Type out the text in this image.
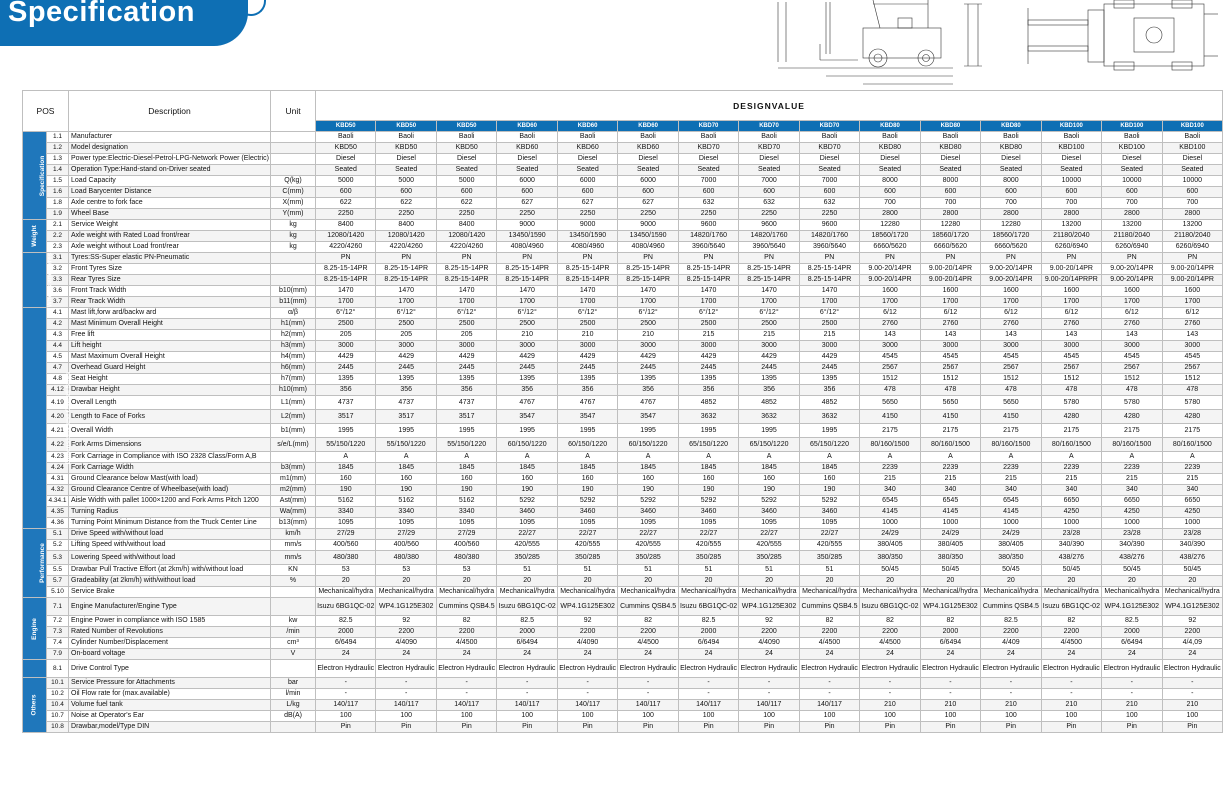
Specification
POS		Description	Unit	DESIGNVALUE														
				KBD50	KBD50	KBD50	KBD60	KBD60	KBD60	KBD70	KBD70	KBD70	KBD80	KBD80	KBD80	KBD100	KBD100	KBD100
Specification	1.1	Manufacturer		Baoli	Baoli	Baoli	Baoli	Baoli	Baoli	Baoli	Baoli	Baoli	Baoli	Baoli	Baoli	Baoli	Baoli	Baoli
	1.2	Model designation		KBD50	KBD50	KBD50	KBD60	KBD60	KBD60	KBD70	KBD70	KBD70	KBD80	KBD80	KBD80	KBD100	KBD100	KBD100
	1.3	Power type:Electric-Diesel-Petrol-LPG-Network Power (Electric)		Diesel	Diesel	Diesel	Diesel	Diesel	Diesel	Diesel	Diesel	Diesel	Diesel	Diesel	Diesel	Diesel	Diesel	Diesel
	1.4	Operation Type:Hand-stand on-Driver seated		Seated	Seated	Seated	Seated	Seated	Seated	Seated	Seated	Seated	Seated	Seated	Seated	Seated	Seated	Seated
	1.5	Load Capacity	Q(kg)	5000	5000	5000	6000	6000	6000	7000	7000	7000	8000	8000	8000	10000	10000	10000
	1.6	Load Barycenter Distance	C(mm)	600	600	600	600	600	600	600	600	600	600	600	600	600	600	600
	1.8	Axle centre to fork face	X(mm)	622	622	622	627	627	627	632	632	632	700	700	700	700	700	700
	1.9	Wheel Base	Y(mm)	2250	2250	2250	2250	2250	2250	2250	2250	2250	2800	2800	2800	2800	2800	2800
Weight	2.1	Service Weight	kg	8400	8400	8400	9000	9000	9000	9600	9600	9600	12280	12280	12280	13200	13200	13200
	2.2	Axle weight with Rated Load front/rear	kg	12080/1420	12080/1420	12080/1420	13450/1590	13450/1590	13450/1590	14820/1760	14820/1760	14820/1760	18560/1720	18560/1720	18560/1720	21180/2040	21180/2040	21180/2040
	2.3	Axle weight without Load front/rear	kg	4220/4260	4220/4260	4220/4260	4080/4960	4080/4960	4080/4960	3960/5640	3960/5640	3960/5640	6660/5620	6660/5620	6660/5620	6260/6940	6260/6940	6260/6940
Wheels and Tyres	3.1	Tyres:SS-Super elastic PN-Pneumatic		PN	PN	PN	PN	PN	PN	PN	PN	PN	PN	PN	PN	PN	PN	PN
	3.2	Front Tyres Size		8.25-15-14PR	8.25-15-14PR	8.25-15-14PR	8.25-15-14PR	8.25-15-14PR	8.25-15-14PR	8.25-15-14PR	8.25-15-14PR	8.25-15-14PR	9.00-20/14PR	9.00-20/14PR	9.00-20/14PR	9.00-20/14PR	9.00-20/14PR	9.00-20/14PR
	3.3	Rear Tyres Size		8.25-15-14PR	8.25-15-14PR	8.25-15-14PR	8.25-15-14PR	8.25-15-14PR	8.25-15-14PR	8.25-15-14PR	8.25-15-14PR	8.25-15-14PR	9.00-20/14PR	9.00-20/14PR	9.00-20/14PR	9.00-20/14PRPR	9.00-20/14PR	9.00-20/14PR
	3.6	Front Track Width	b10(mm)	1470	1470	1470	1470	1470	1470	1470	1470	1470	1600	1600	1600	1600	1600	1600
	3.7	Rear Track Width	b11(mm)	1700	1700	1700	1700	1700	1700	1700	1700	1700	1700	1700	1700	1700	1700	1700
Dimensions and Overall Sizes	4.1	Mast lift,forw ard/backw ard	α/β	6°/12°	6°/12°	6°/12°	6°/12°	6°/12°	6°/12°	6°/12°	6°/12°	6°/12°	6/12	6/12	6/12	6/12	6/12	6/12
	4.2	Mast Minimum Overall Height	h1(mm)	2500	2500	2500	2500	2500	2500	2500	2500	2500	2760	2760	2760	2760	2760	2760
	4.3	Free lift	h2(mm)	205	205	205	210	210	210	215	215	215	143	143	143	143	143	143
	4.4	Lift height	h3(mm)	3000	3000	3000	3000	3000	3000	3000	3000	3000	3000	3000	3000	3000	3000	3000
	4.5	Mast Maximum Overall Height	h4(mm)	4429	4429	4429	4429	4429	4429	4429	4429	4429	4545	4545	4545	4545	4545	4545
	4.7	Overhead Guard Height	h6(mm)	2445	2445	2445	2445	2445	2445	2445	2445	2445	2567	2567	2567	2567	2567	2567
	4.8	Seat Height	h7(mm)	1395	1395	1395	1395	1395	1395	1395	1395	1395	1512	1512	1512	1512	1512	1512
	4.12	Drawbar Height	h10(mm)	356	356	356	356	356	356	356	356	356	478	478	478	478	478	478
	4.19	Overall Length	L1(mm)	4737	4737	4737	4767	4767	4767	4852	4852	4852	5650	5650	5650	5780	5780	5780
	4.20	Length to Face of Forks	L2(mm)	3517	3517	3517	3547	3547	3547	3632	3632	3632	4150	4150	4150	4280	4280	4280
	4.21	Overall Width	b1(mm)	1995	1995	1995	1995	1995	1995	1995	1995	1995	2175	2175	2175	2175	2175	2175
	4.22	Fork Arms Dimensions	s/e/L(mm)	55/150/1220	55/150/1220	55/150/1220	60/150/1220	60/150/1220	60/150/1220	65/150/1220	65/150/1220	65/150/1220	80/160/1500	80/160/1500	80/160/1500	80/160/1500	80/160/1500	80/160/1500
	4.23	Fork Carriage in Compliance with ISO 2328 Class/Form A,B		A	A	A	A	A	A	A	A	A	A	A	A	A	A	A
	4.24	Fork Carriage Width	b3(mm)	1845	1845	1845	1845	1845	1845	1845	1845	1845	2239	2239	2239	2239	2239	2239
	4.31	Ground Clearance below Mast(with load)	m1(mm)	160	160	160	160	160	160	160	160	160	215	215	215	215	215	215
	4.32	Ground Clearance Centre of Wheelbase(with load)	m2(mm)	190	190	190	190	190	190	190	190	190	340	340	340	340	340	340
	4.34.1	Aisle Width with pallet 1000×1200 and Fork Arms Pitch 1200	Ast(mm)	5162	5162	5162	5292	5292	5292	5292	5292	5292	6545	6545	6545	6650	6650	6650
	4.35	Turning Radius	Wa(mm)	3340	3340	3340	3460	3460	3460	3460	3460	3460	4145	4145	4145	4250	4250	4250
	4.36	Turning Point Minimum Distance from the Truck Center Line	b13(mm)	1095	1095	1095	1095	1095	1095	1095	1095	1095	1000	1000	1000	1000	1000	1000
Performance	5.1	Drive Speed with/without load	km/h	27/29	27/29	27/29	22/27	22/27	22/27	22/27	22/27	22/27	24/29	24/29	24/29	23/28	23/28	23/28
	5.2	Lifting Speed with/without load	mm/s	400/560	400/560	400/560	420/555	420/555	420/555	420/555	420/555	420/555	380/405	380/405	380/405	340/390	340/390	340/390
	5.3	Lowering Speed with/without load	mm/s	480/380	480/380	480/380	350/285	350/285	350/285	350/285	350/285	350/285	380/350	380/350	380/350	438/276	438/276	438/276
	5.5	Drawbar Pull Tractive Effort (at 2km/h) with/without load	KN	53	53	53	51	51	51	51	51	51	50/45	50/45	50/45	50/45	50/45	50/45
	5.7	Gradeability (at 2km/h) with/without load	%	20	20	20	20	20	20	20	20	20	20	20	20	20	20	20
	5.10	Service Brake		Mechanical/hydra	Mechanical/hydra	Mechanical/hydra	Mechanical/hydra	Mechanical/hydra	Mechanical/hydra	Mechanical/hydra	Mechanical/hydra	Mechanical/hydra	Mechanical/hydra	Mechanical/hydra	Mechanical/hydra	Mechanical/hydra	Mechanical/hydra	Mechanical/hydra
Engine	7.1	Engine Manufacturer/Engine Type		Isuzu 6BG1QC-02	WP4.1G125E302	Cummins QSB4.5	Isuzu 6BG1QC-02	WP4.1G125E302	Cummins QSB4.5	Isuzu 6BG1QC-02	WP4.1G125E302	Cummins QSB4.5	Isuzu 6BG1QC-02	WP4.1G125E302	Cummins QSB4.5	Isuzu 6BG1QC-02	WP4.1G125E302	WP4.1G125E302
	7.2	Engine Power in compliance with ISO 1585	kw	82.5	92	82	82.5	92	82	82.5	92	82	82	82	82.5	82	82.5	92
	7.3	Rated Number of Revolutions	/min	2000	2200	2200	2000	2200	2200	2000	2200	2200	2200	2000	2200	2200	2000	2200
	7.4	Cylinder Number/Displacement	cm³	6/6494	4/4090	4/4500	6/6494	4/4090	4/4500	6/6494	4/4090	4/4500	4/4500	6/6494	4/409	4/4500	6/6494	4/4,09
	7.9	On-board voltage	V	24	24	24	24	24	24	24	24	24	24	24	24	24	24	24
	8.1	Drive Control Type		Electron Hydraulic	Electron Hydraulic	Electron Hydraulic	Electron Hydraulic	Electron Hydraulic	Electron Hydraulic	Electron Hydraulic	Electron Hydraulic	Electron Hydraulic	Electron Hydraulic	Electron Hydraulic	Electron Hydraulic	Electron Hydraulic	Electron Hydraulic	Electron Hydraulic
Others	10.1	Service Pressure for Attachments	bar	-	-	-	-	-	-	-	-	-	-	-	-	-	-	-
	10.2	Oil Flow rate for (max.available)	l/min	-	-	-	-	-	-	-	-	-	-	-	-	-	-	-
	10.4	Volume fuel tank	L/kg	140/117	140/117	140/117	140/117	140/117	140/117	140/117	140/117	140/117	210	210	210	210	210	210
	10.7	Noise at Operator's Ear	dB(A)	100	100	100	100	100	100	100	100	100	100	100	100	100	100	100
	10.8	Drawbar,model/Type DIN		Pin	Pin	Pin	Pin	Pin	Pin	Pin	Pin	Pin	Pin	Pin	Pin	Pin	Pin	Pin
